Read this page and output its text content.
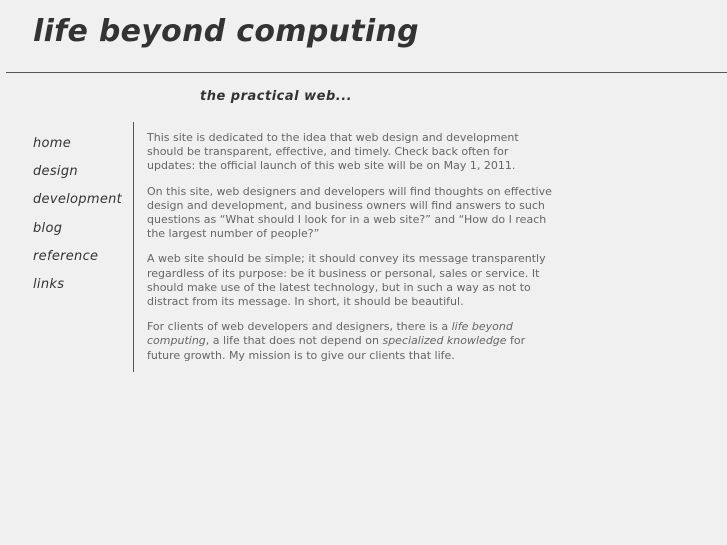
life beyond computing
the practical web...
home
design
development
blog
reference
links

This site is dedicated to the idea that web design and development should be transparent, effective, and timely. Check back often for updates: the official launch of this web site will be on May 1, 2011.

On this site, web designers and developers will find thoughts on effective design and development, and business owners will find answers to such questions as “What should I look for in a web site?” and “How do I reach the largest number of people?”

A web site should be simple; it should convey its message transparently regardless of its purpose: be it business or personal, sales or service. It should make use of the latest technology, but in such a way as not to distract from its message. In short, it should be beautiful.

For clients of web developers and designers, there is a life beyond computing, a life that does not depend on specialized knowledge for future growth. My mission is to give our clients that life.
